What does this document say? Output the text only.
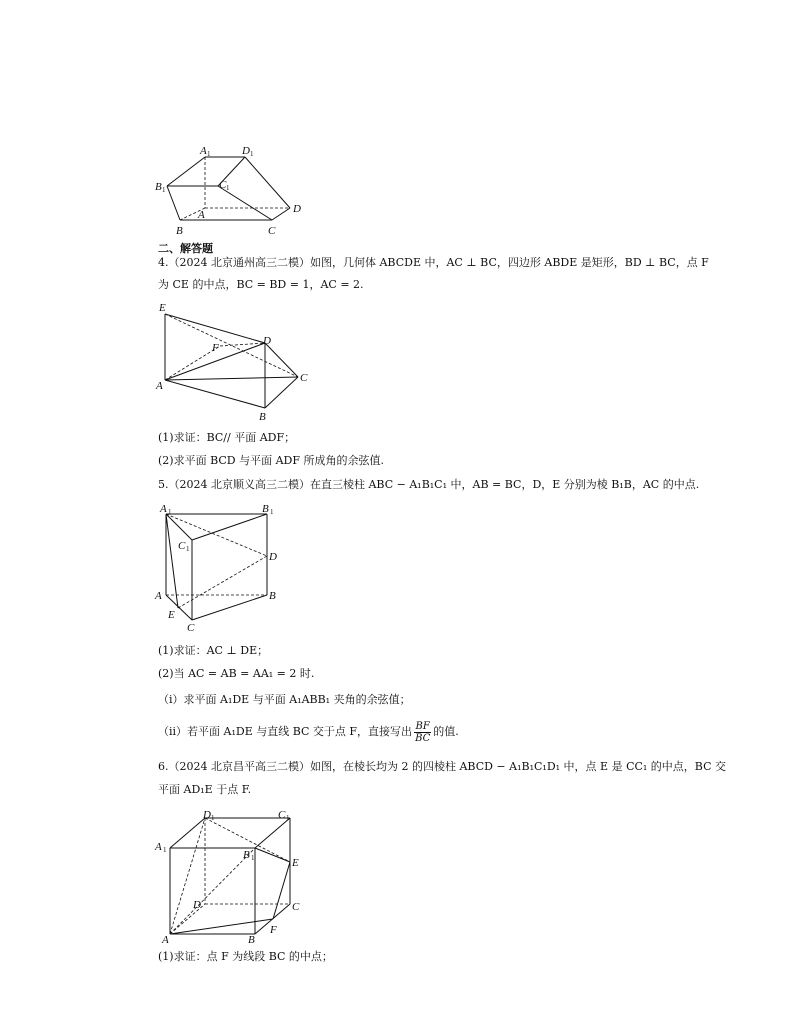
A 1	D 1
B 1	C 1
A
B	C
D
二、解答题
4.（2024 北京通州高三二模）如图，几何体 ABCDE 中，AC ⊥ BC，四边形 ABDE 是矩形，BD ⊥ BC，点 F
为 CE 的中点，BC = BD = 1，AC = 2.
E
F
D
A
C
B
(1)求证：BC// 平面 ADF；
(2)求平面 BCD 与平面 ADF 所成角的余弦值.
5.（2024 北京顺义高三二模）在直三棱柱 ABC − A₁B₁C₁ 中，AB = BC，D，E 分别为棱 B₁B，AC 的中点.
A 1	B 1
C 1
D
A	B
E
C
(1)求证：AC ⊥ DE；
(2)当 AC = AB = AA₁ = 2 时.
（i）求平面 A₁DE 与平面 A₁ABB₁ 夹角的余弦值；
（ii）若平面 A₁DE 与直线 BC 交于点 F，直接写出 $\frac{BF}{BC}$ 的值.
6.（2024 北京昌平高三二模）如图，在棱长均为 2 的四棱柱 ABCD − A₁B₁C₁D₁ 中，点 E 是 CC₁ 的中点，BC 交
平面 AD₁E 于点 F.
D 1	C 1
A 1	B 1	E
D	C
A	B
F
(1)求证：点 F 为线段 BC 的中点；
